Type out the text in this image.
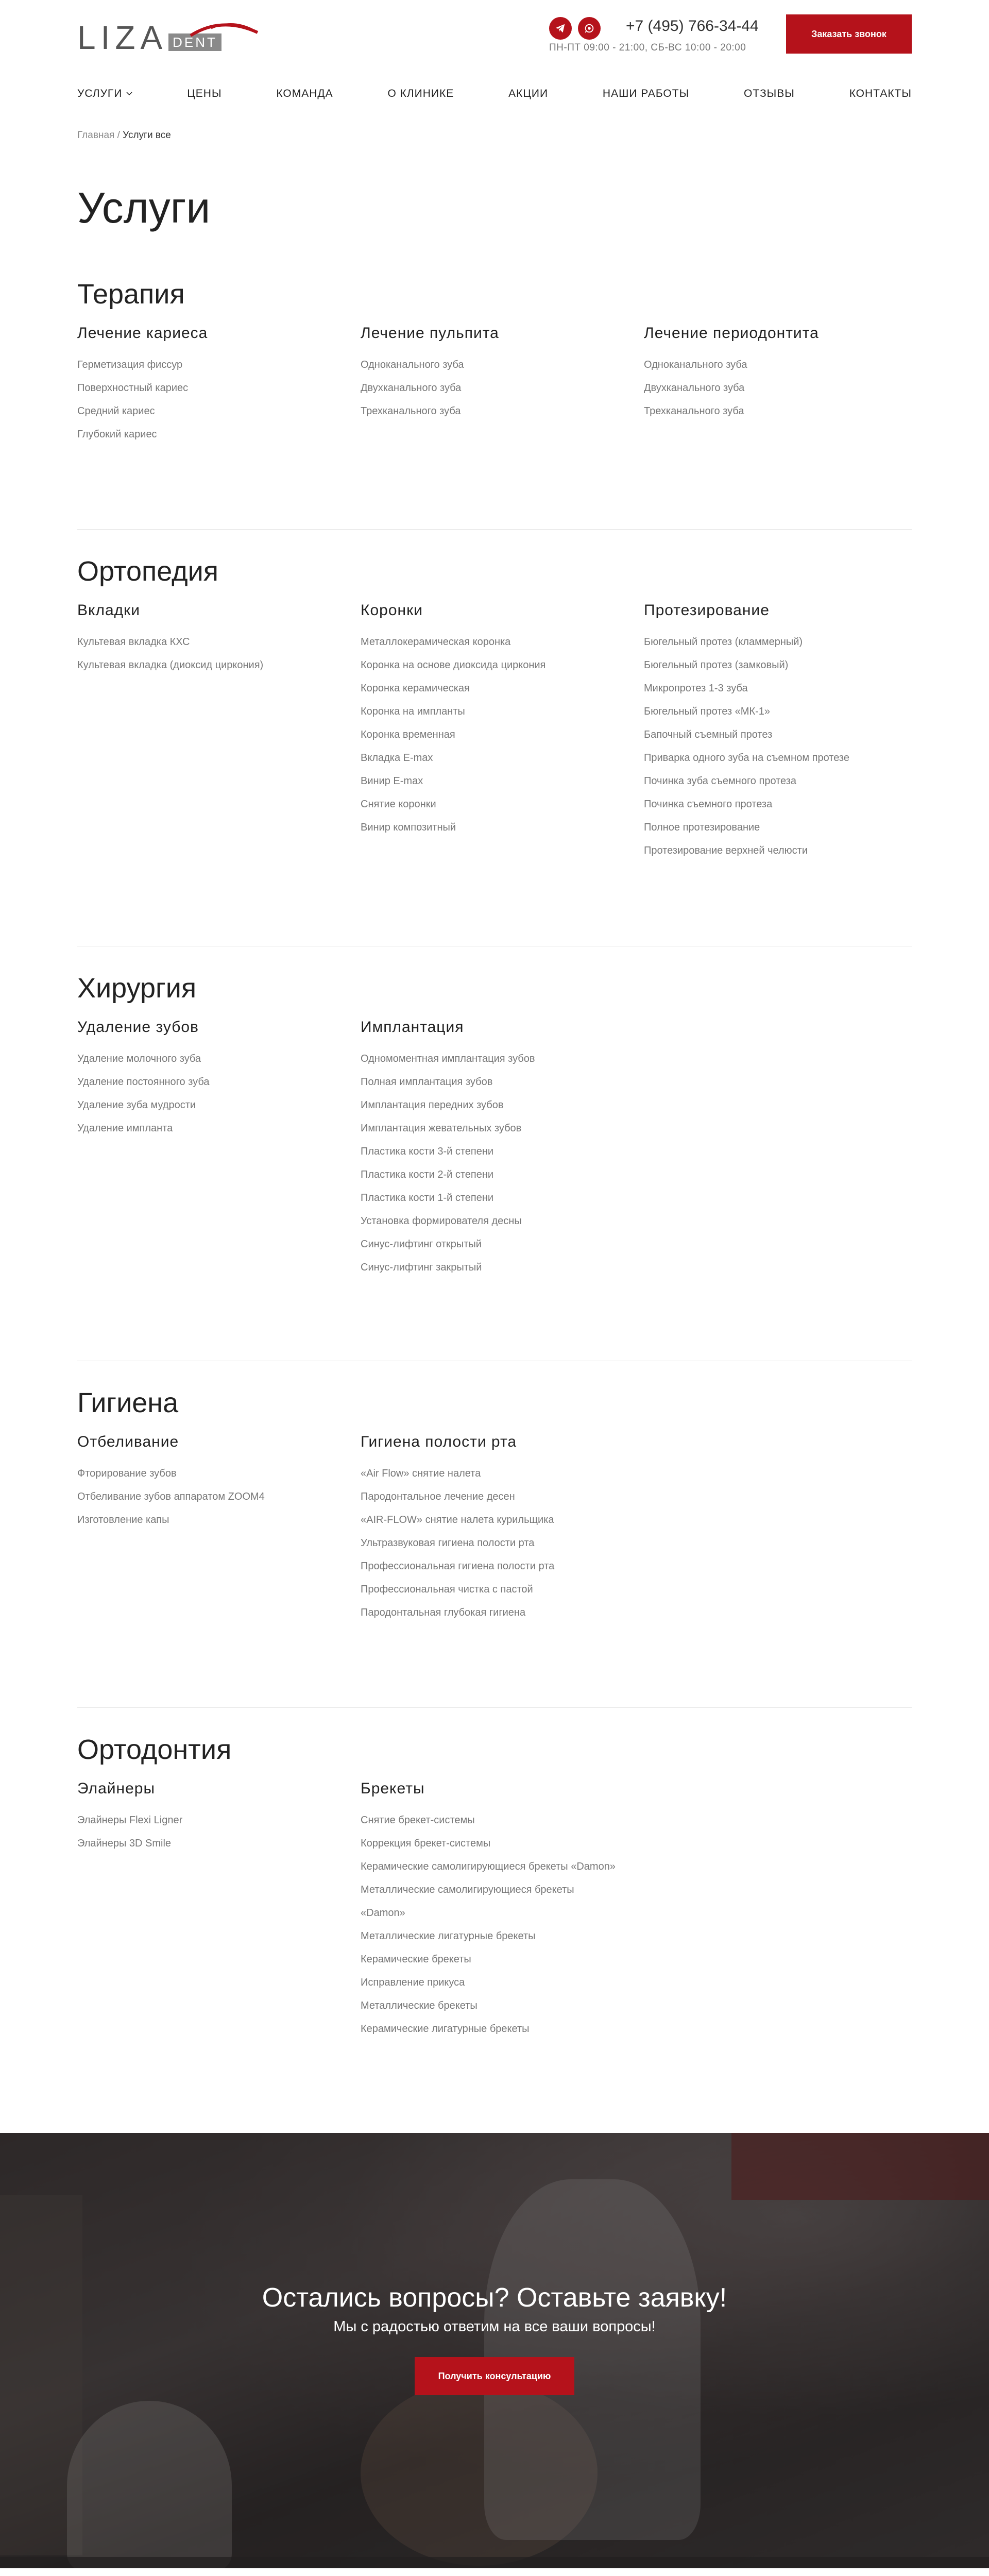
LIZA DENT
+7 (495) 766-34-44
ПН-ПТ 09:00 - 21:00, СБ-ВС 10:00 - 20:00
Заказать звонок
УСЛУГИ	ЦЕНЫ	КОМАНДА	О КЛИНИКЕ	АКЦИИ	НАШИ РАБОТЫ	ОТЗЫВЫ	КОНТАКТЫ
Главная / Услуги все
Услуги
Терапия
Лечение кариеса
Герметизация фиссур
Поверхностный кариес
Средний кариес
Глубокий кариес
Лечение пульпита
Одноканального зуба
Двухканального зуба
Трехканального зуба
Лечение периодонтита
Одноканального зуба
Двухканального зуба
Трехканального зуба
Ортопедия
Вкладки
Культевая вкладка КХС
Культевая вкладка (диоксид циркония)
Коронки
Металлокерамическая коронка
Коронка на основе диоксида циркония
Коронка керамическая
Коронка на импланты
Коронка временная
Вкладка E-max
Винир E-max
Снятие коронки
Винир композитный
Протезирование
Бюгельный протез (кламмерный)
Бюгельный протез (замковый)
Микропротез 1-3 зуба
Бюгельный протез «МК-1»
Бапочный съемный протез
Приварка одного зуба на съемном протезе
Починка зуба съемного протеза
Починка съемного протеза
Полное протезирование
Протезирование верхней челюсти
Хирургия
Удаление зубов
Удаление молочного зуба
Удаление постоянного зуба
Удаление зуба мудрости
Удаление импланта
Имплантация
Одномоментная имплантация зубов
Полная имплантация зубов
Имплантация передних зубов
Имплантация жевательных зубов
Пластика кости 3-й степени
Пластика кости 2-й степени
Пластика кости 1-й степени
Установка формирователя десны
Синус-лифтинг открытый
Синус-лифтинг закрытый
Гигиена
Отбеливание
Фторирование зубов
Отбеливание зубов аппаратом ZOOM4
Изготовление капы
Гигиена полости рта
«Air Flow» снятие налета
Пародонтальное лечение десен
«AIR-FLOW» снятие налета курильщика
Ультразвуковая гигиена полости рта
Профессиональная гигиена полости рта
Профессиональная чистка с пастой
Пародонтальная глубокая гигиена
Ортодонтия
Элайнеры
Элайнеры Flexi Ligner
Элайнеры 3D Smile
Брекеты
Снятие брекет-системы
Коррекция брекет-системы
Керамические самолигирующиеся брекеты «Damon»
Металлические самолигирующиеся брекеты «Damon»
Металлические лигатурные брекеты
Керамические брекеты
Исправление прикуса
Металлические брекеты
Керамические лигатурные брекеты
Остались вопросы? Оставьте заявку!
Мы с радостью ответим на все ваши вопросы!
Получить консультацию
